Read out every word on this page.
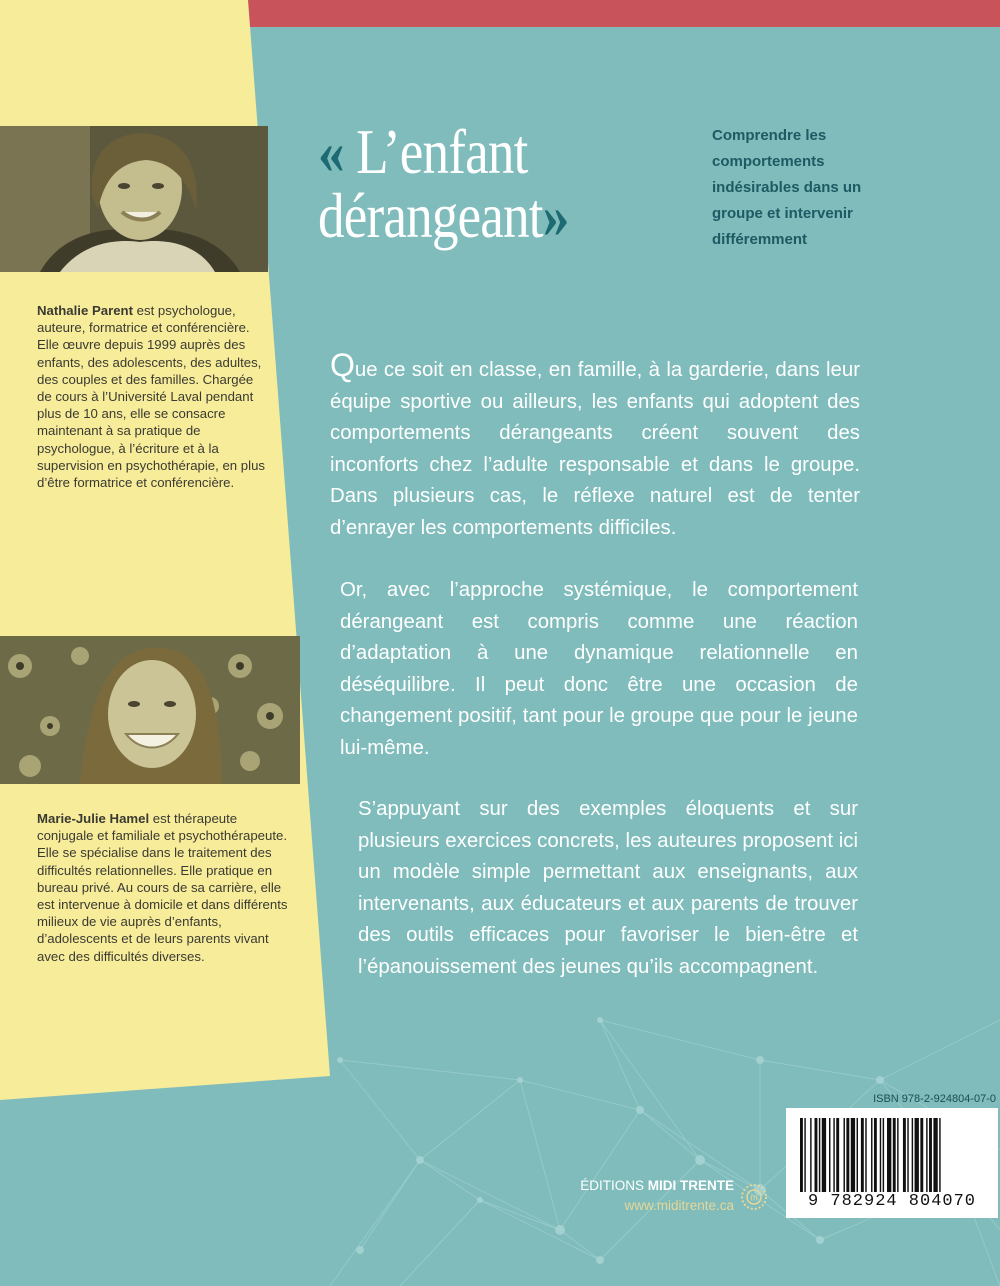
Nathalie Parent est psychologue, auteure, formatrice et conférencière. Elle œuvre depuis 1999 auprès des enfants, des adolescents, des adultes, des couples et des familles. Chargée de cours à l’Université Laval pendant plus de 10 ans, elle se consacre maintenant à sa pratique de psychologue, à l’écriture et à la supervision en psychothérapie, en plus d’être formatrice et conférencière.

Marie-Julie Hamel est thérapeute conjugale et familiale et psychothérapeute. Elle se spécialise dans le traitement des difficultés relationnelles. Elle pratique en bureau privé. Au cours de sa carrière, elle est intervenue à domicile et dans différents milieux de vie auprès d’enfants, d’adolescents et de leurs parents vivant avec des difficultés diverses.

« L’enfant
dérangeant»

Comprendre les comportements indésirables dans un groupe et intervenir différemment

Que ce soit en classe, en famille, à la garderie, dans leur équipe sportive ou ailleurs, les enfants qui adoptent des comportements dérangeants créent souvent des inconforts chez l’adulte responsable et dans le groupe. Dans plusieurs cas, le réflexe naturel est de tenter d’enrayer les comportements difficiles.

Or, avec l’approche systémique, le comportement dérangeant est compris comme une réaction d’adaptation à une dynamique relationnelle en déséquilibre. Il peut donc être une occasion de changement positif, tant pour le groupe que pour le jeune lui-même.

S’appuyant sur des exemples éloquents et sur plusieurs exercices concrets, les auteures proposent ici un modèle simple permettant aux enseignants, aux intervenants, aux éducateurs et aux parents de trouver des outils efficaces pour favoriser le bien-être et l’épanouissement des jeunes qu’ils accompagnent.

ISBN 978-2-924804-07-0

9 782924 804070

ÉDITIONS MIDI TRENTE

www.miditrente.ca

m
